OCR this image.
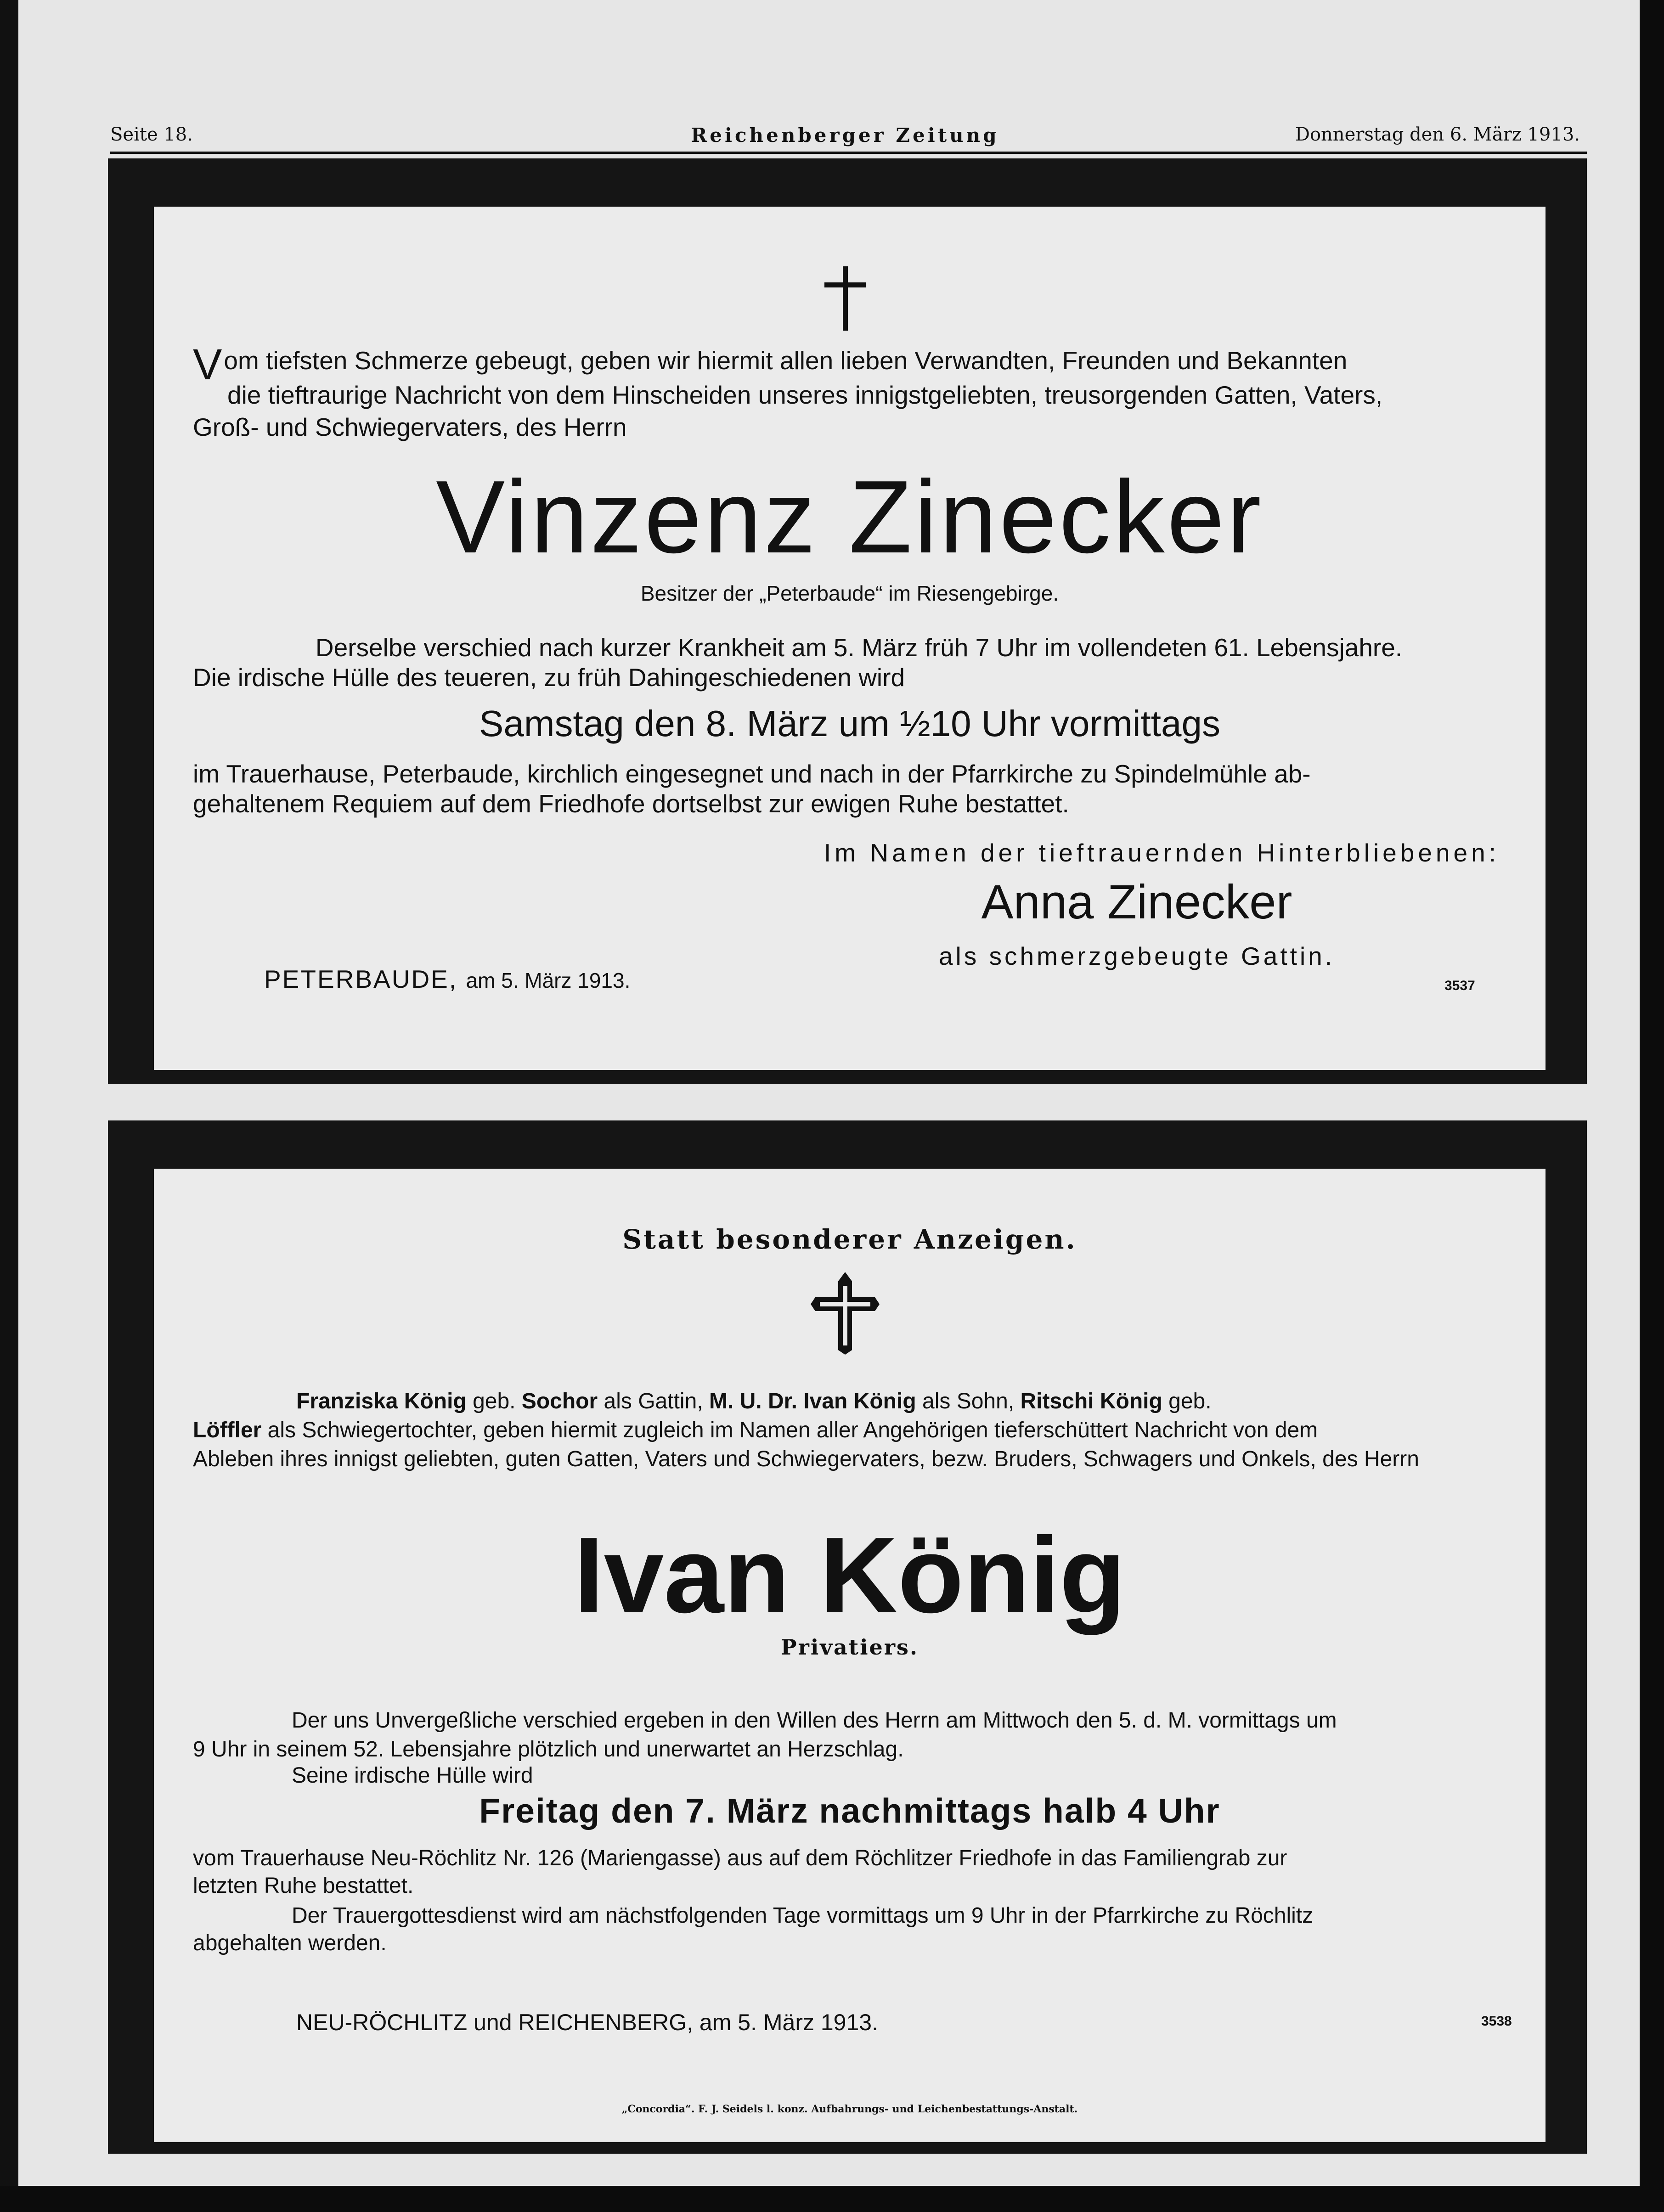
Seite 18.	Reichenberger Zeitung	Donnerstag den 6. März 1913.
Vom tiefsten Schmerze gebeugt, geben wir hiermit allen lieben Verwandten, Freunden und Bekannten
die tieftraurige Nachricht von dem Hinscheiden unseres innigstgeliebten, treusorgenden Gatten, Vaters,
Groß- und Schwiegervaters, des Herrn
Vinzenz Zinecker
Besitzer der „Peterbaude“ im Riesengebirge.
Derselbe verschied nach kurzer Krankheit am 5. März früh 7 Uhr im vollendeten 61. Lebensjahre.
Die irdische Hülle des teueren, zu früh Dahingeschiedenen wird
Samstag den 8. März um ½10 Uhr vormittags
im Trauerhause, Peterbaude, kirchlich eingesegnet und nach in der Pfarrkirche zu Spindelmühle ab-
gehaltenem Requiem auf dem Friedhofe dortselbst zur ewigen Ruhe bestattet.
Im Namen der tieftrauernden Hinterbliebenen:
Anna Zinecker
als schmerzgebeugte Gattin.
PETERBAUDE, am 5. März 1913.	3537
Statt besonderer Anzeigen.
Franziska König geb. Sochor als Gattin, M. U. Dr. Ivan König als Sohn, Ritschi König geb.
Löffler als Schwiegertochter, geben hiermit zugleich im Namen aller Angehörigen tieferschüttert Nachricht von dem
Ableben ihres innigst geliebten, guten Gatten, Vaters und Schwiegervaters, bezw. Bruders, Schwagers und Onkels, des Herrn
Ivan König
Privatiers.
Der uns Unvergeßliche verschied ergeben in den Willen des Herrn am Mittwoch den 5. d. M. vormittags um
9 Uhr in seinem 52. Lebensjahre plötzlich und unerwartet an Herzschlag.
Seine irdische Hülle wird
Freitag den 7. März nachmittags halb 4 Uhr
vom Trauerhause Neu-Röchlitz Nr. 126 (Mariengasse) aus auf dem Röchlitzer Friedhofe in das Familiengrab zur
letzten Ruhe bestattet.
Der Trauergottesdienst wird am nächstfolgenden Tage vormittags um 9 Uhr in der Pfarrkirche zu Röchlitz
abgehalten werden.
NEU-RÖCHLITZ und REICHENBERG, am 5. März 1913.	3538
„Concordia“. F. J. Seidels l. konz. Aufbahrungs- und Leichenbestattungs-Anstalt.
